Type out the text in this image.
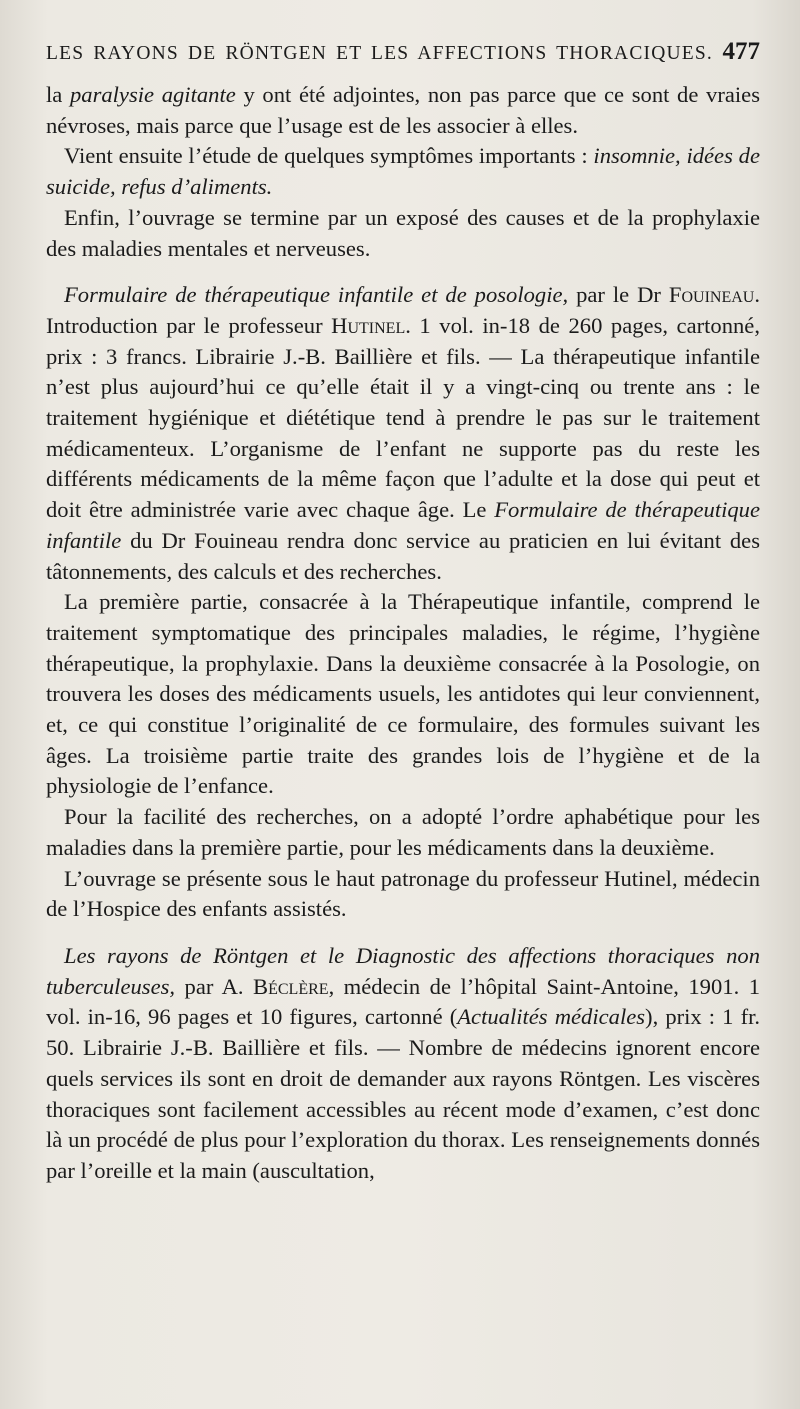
LES RAYONS DE RÖNTGEN ET LES AFFECTIONS THORACIQUES. 477

la paralysie agitante y ont été adjointes, non pas parce que ce sont de vraies névroses, mais parce que l’usage est de les associer à elles.

Vient ensuite l’étude de quelques symptômes importants : insomnie, idées de suicide, refus d’aliments.

Enfin, l’ouvrage se termine par un exposé des causes et de la prophylaxie des maladies mentales et nerveuses.

Formulaire de thérapeutique infantile et de posologie, par le Dr Fouineau. Introduction par le professeur Hutinel. 1 vol. in-18 de 260 pages, cartonné, prix : 3 francs. Librairie J.-B. Baillière et fils. — La thérapeutique infantile n’est plus aujourd’hui ce qu’elle était il y a vingt-cinq ou trente ans : le traitement hygiénique et diététique tend à prendre le pas sur le traitement médicamenteux. L’organisme de l’enfant ne supporte pas du reste les différents médicaments de la même façon que l’adulte et la dose qui peut et doit être administrée varie avec chaque âge. Le Formulaire de thérapeutique infantile du Dr Fouineau rendra donc service au praticien en lui évitant des tâtonnements, des calculs et des recherches.

La première partie, consacrée à la Thérapeutique infantile, comprend le traitement symptomatique des principales maladies, le régime, l’hygiène thérapeutique, la prophylaxie. Dans la deuxième consacrée à la Posologie, on trouvera les doses des médicaments usuels, les antidotes qui leur conviennent, et, ce qui constitue l’originalité de ce formulaire, des formules suivant les âges. La troisième partie traite des grandes lois de l’hygiène et de la physiologie de l’enfance.

Pour la facilité des recherches, on a adopté l’ordre aphabétique pour les maladies dans la première partie, pour les médicaments dans la deuxième.

L’ouvrage se présente sous le haut patronage du professeur Hutinel, médecin de l’Hospice des enfants assistés.

Les rayons de Röntgen et le Diagnostic des affections thoraciques non tuberculeuses, par A. Béclère, médecin de l’hôpital Saint-Antoine, 1901. 1 vol. in-16, 96 pages et 10 figures, cartonné (Actualités médicales), prix : 1 fr. 50. Librairie J.-B. Baillière et fils. — Nombre de médecins ignorent encore quels services ils sont en droit de demander aux rayons Röntgen. Les viscères thoraciques sont facilement accessibles au récent mode d’examen, c’est donc là un procédé de plus pour l’exploration du thorax. Les renseignements donnés par l’oreille et la main (auscultation,
